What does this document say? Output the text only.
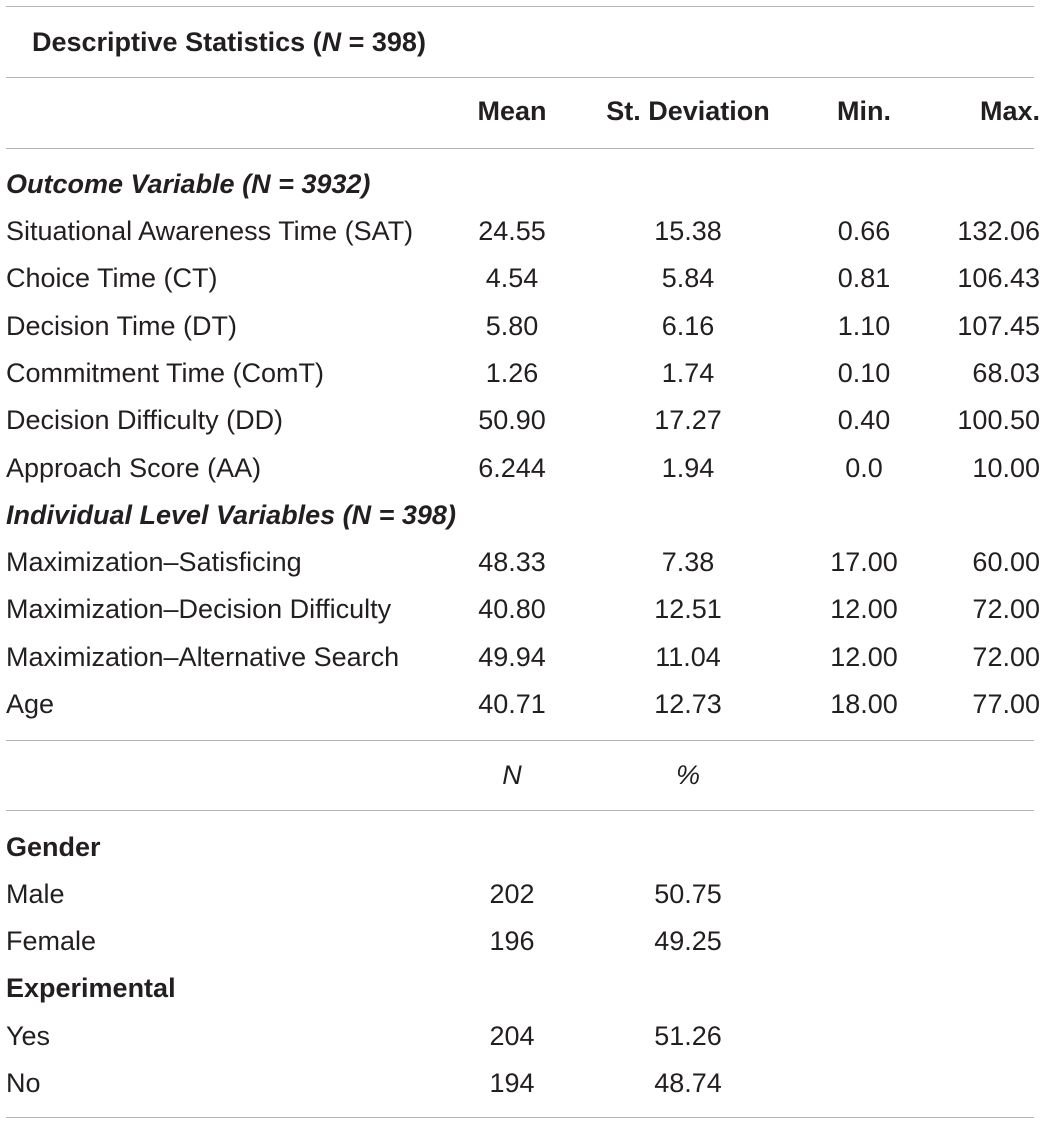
Descriptive Statistics (N = 398)
Mean	St. Deviation	Min.	Max.
Outcome Variable (N = 3932)
Situational Awareness Time (SAT)	24.55	15.38	0.66	132.06
Choice Time (CT)	4.54	5.84	0.81	106.43
Decision Time (DT)	5.80	6.16	1.10	107.45
Commitment Time (ComT)	1.26	1.74	0.10	68.03
Decision Difficulty (DD)	50.90	17.27	0.40	100.50
Approach Score (AA)	6.244	1.94	0.0	10.00
Individual Level Variables (N = 398)
Maximization–Satisficing	48.33	7.38	17.00	60.00
Maximization–Decision Difficulty	40.80	12.51	12.00	72.00
Maximization–Alternative Search	49.94	11.04	12.00	72.00
Age	40.71	12.73	18.00	77.00
N	%
Gender
Male	202	50.75
Female	196	49.25
Experimental
Yes	204	51.26
No	194	48.74
